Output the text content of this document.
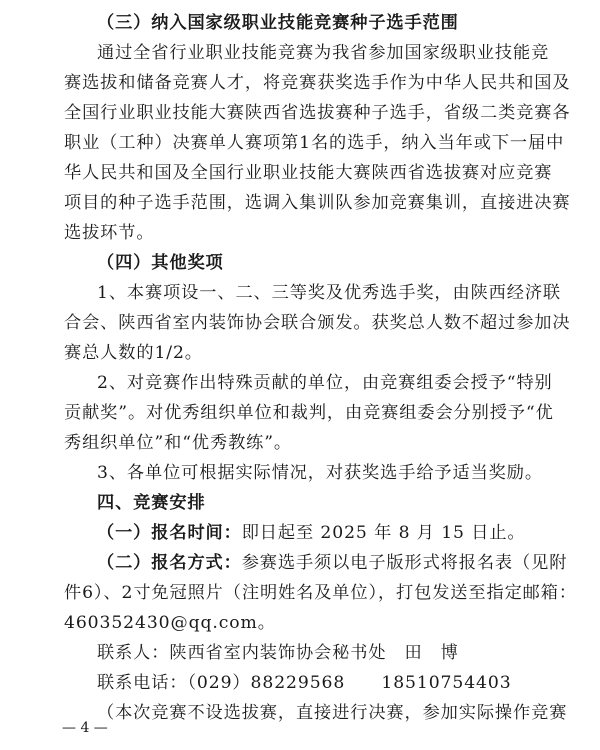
（三）纳入国家级职业技能竞赛种子选手范围
通过全省行业职业技能竞赛为我省参加国家级职业技能竞
赛选拔和储备竞赛人才，将竞赛获奖选手作为中华人民共和国及
全国行业职业技能大赛陕西省选拔赛种子选手，省级二类竞赛各
职业（工种）决赛单人赛项第1名的选手，纳入当年或下一届中
华人民共和国及全国行业职业技能大赛陕西省选拔赛对应竞赛
项目的种子选手范围，选调入集训队参加竞赛集训，直接进决赛
选拔环节。
（四）其他奖项
1、本赛项设一、二、三等奖及优秀选手奖，由陕西经济联
合会、陕西省室内装饰协会联合颁发。获奖总人数不超过参加决
赛总人数的1/2。
2、对竞赛作出特殊贡献的单位，由竞赛组委会授予“特别
贡献奖”。对优秀组织单位和裁判，由竞赛组委会分别授予“优
秀组织单位”和“优秀教练”。
3、各单位可根据实际情况，对获奖选手给予适当奖励。
四、竞赛安排
（一）报名时间：即日起至 2025 年 8 月 15 日止。
（二）报名方式：参赛选手须以电子版形式将报名表（见附
件6）、2寸免冠照片（注明姓名及单位），打包发送至指定邮箱：
460352430@qq.com。
联系人：陕西省室内装饰协会秘书处　田　博
联系电话：（029）88229568　　18510754403
（本次竞赛不设选拔赛，直接进行决赛，参加实际操作竞赛
— 4 —
